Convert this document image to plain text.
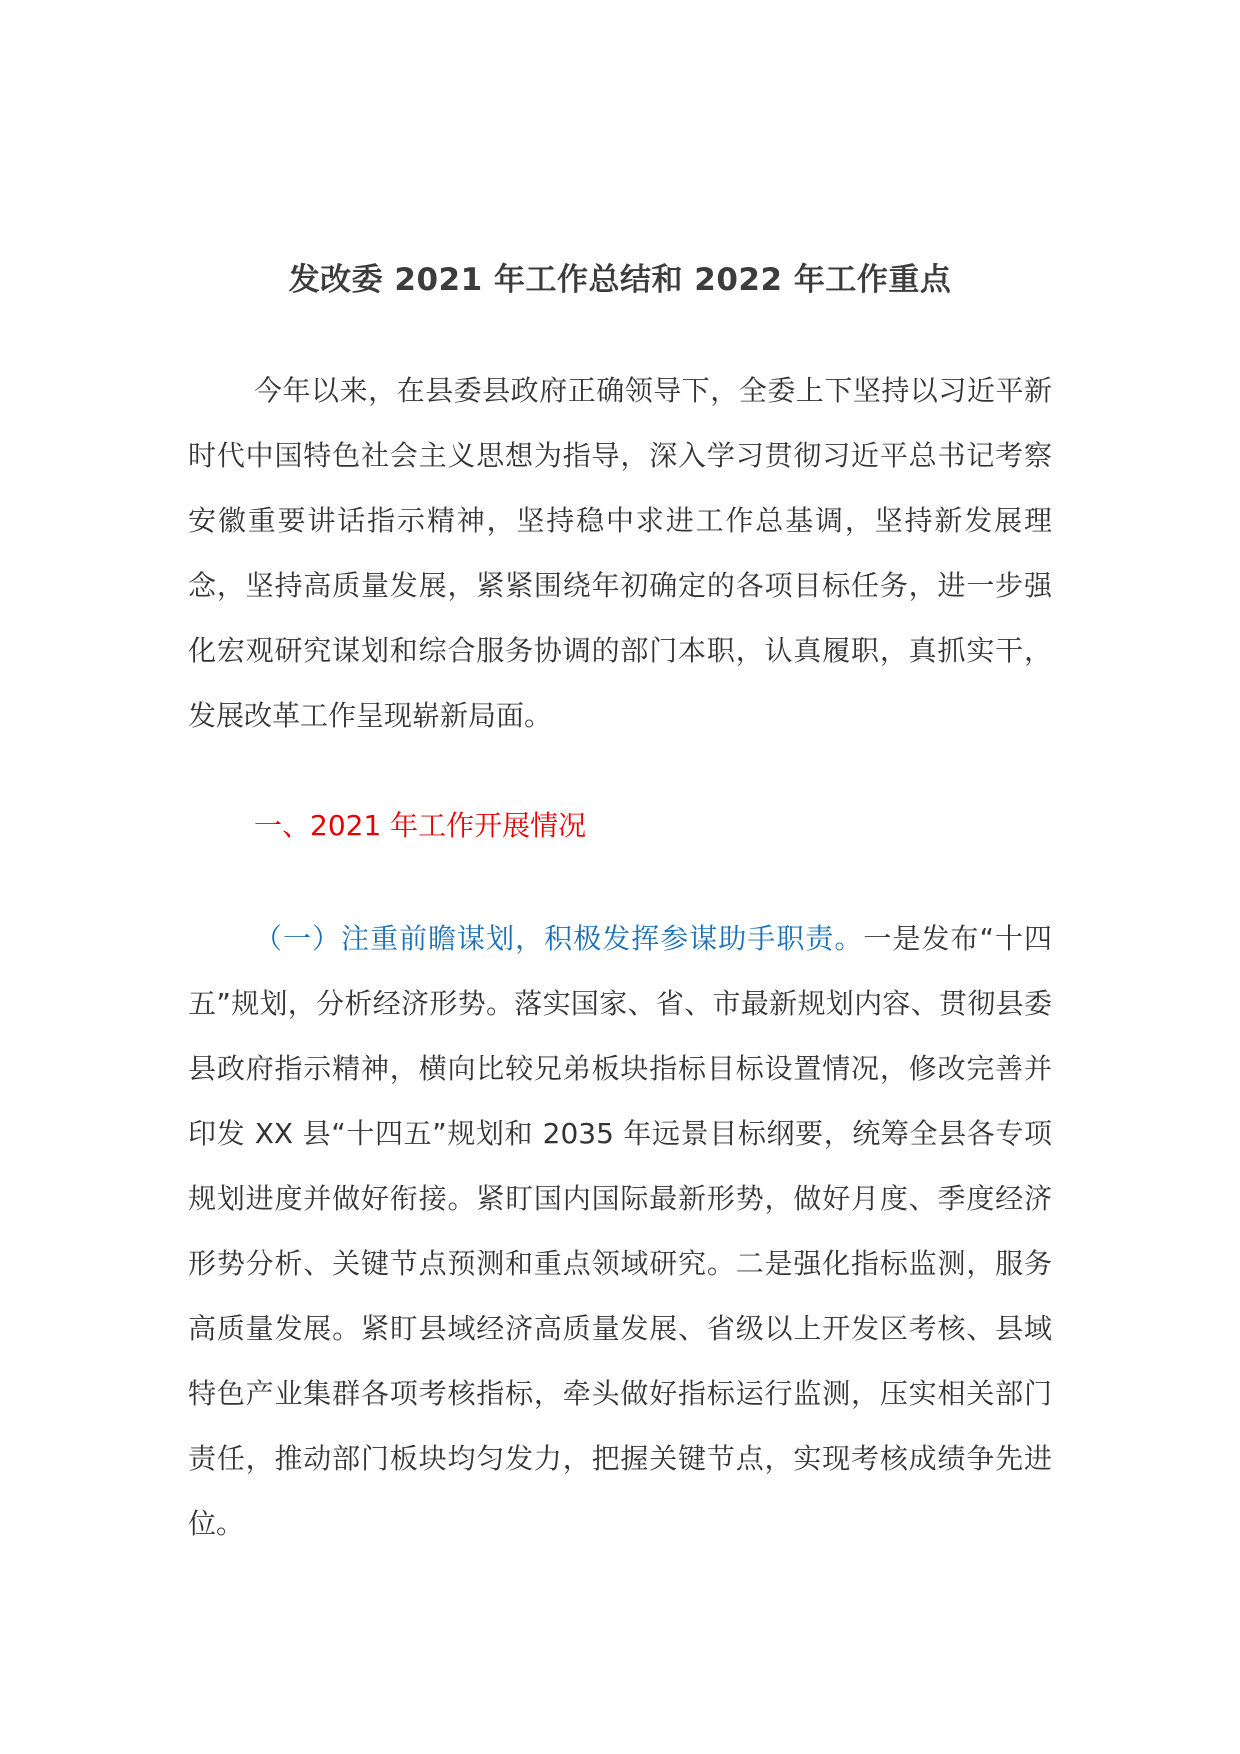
发改委 2021 年工作总结和 2022 年工作重点

今年以来，在县委县政府正确领导下，全委上下坚持以习近平新时代中国特色社会主义思想为指导，深入学习贯彻习近平总书记考察安徽重要讲话指示精神，坚持稳中求进工作总基调，坚持新发展理念，坚持高质量发展，紧紧围绕年初确定的各项目标任务，进一步强化宏观研究谋划和综合服务协调的部门本职，认真履职，真抓实干，发展改革工作呈现崭新局面。

一、2021 年工作开展情况

（一）注重前瞻谋划，积极发挥参谋助手职责。一是发布“十四五”规划，分析经济形势。落实国家、省、市最新规划内容、贯彻县委县政府指示精神，横向比较兄弟板块指标目标设置情况，修改完善并印发 XX 县“十四五”规划和 2035 年远景目标纲要，统筹全县各专项规划进度并做好衔接。紧盯国内国际最新形势，做好月度、季度经济形势分析、关键节点预测和重点领域研究。二是强化指标监测，服务高质量发展。紧盯县域经济高质量发展、省级以上开发区考核、县域特色产业集群各项考核指标，牵头做好指标运行监测，压实相关部门责任，推动部门板块均匀发力，把握关键节点，实现考核成绩争先进位。
